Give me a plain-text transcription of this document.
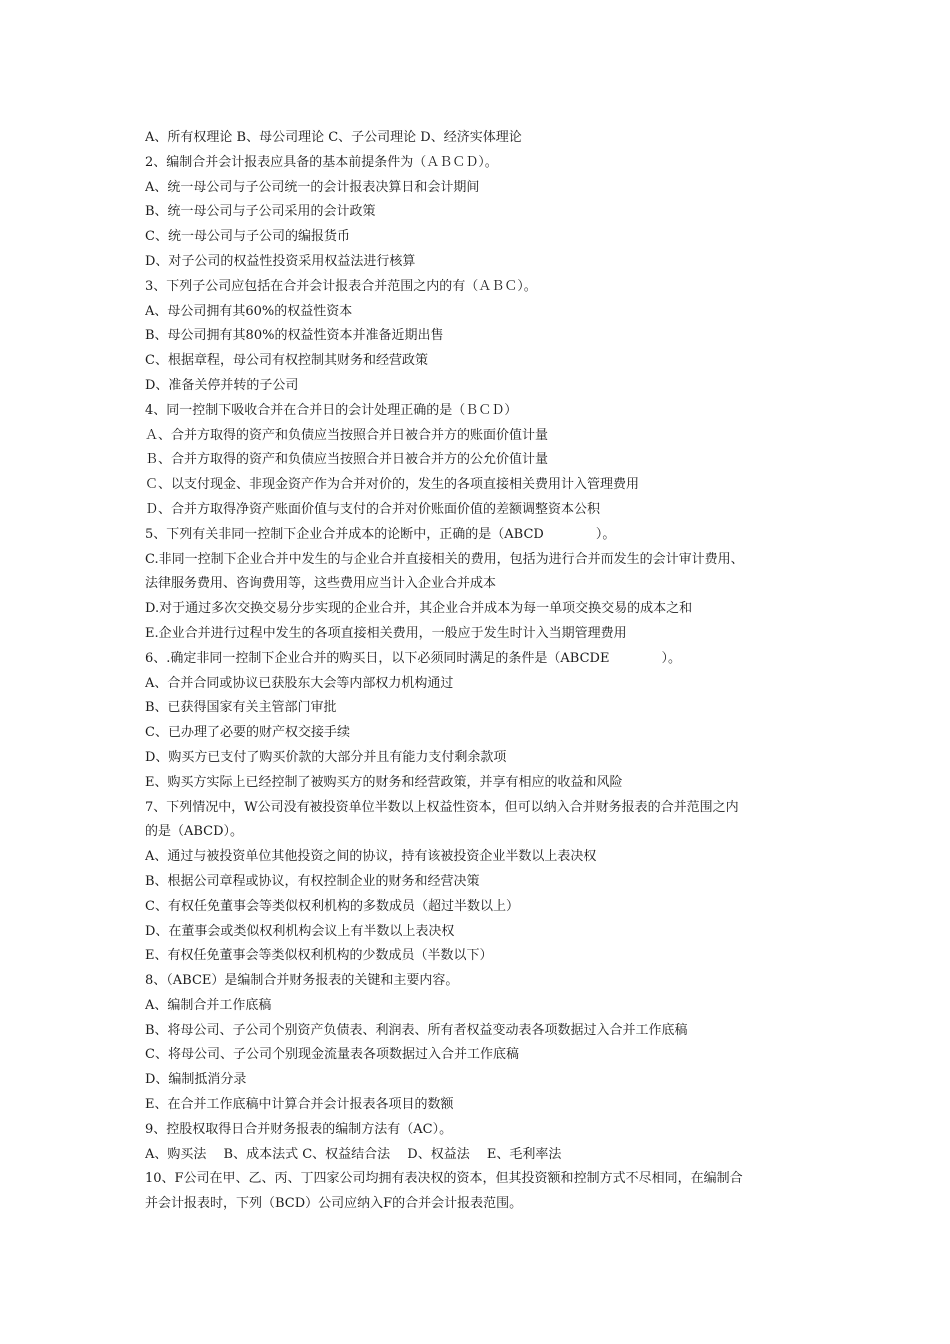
A、所有权理论 B、母公司理论 C、子公司理论 D、经济实体理论
2、编制合并会计报表应具备的基本前提条件为（ＡＢＣＤ）。
A、统一母公司与子公司统一的会计报表决算日和会计期间
B、统一母公司与子公司采用的会计政策
C、统一母公司与子公司的编报货币
D、对子公司的权益性投资采用权益法进行核算
3、下列子公司应包括在合并会计报表合并范围之内的有（ＡＢＣ）。
A、母公司拥有其60%的权益性资本
B、母公司拥有其80%的权益性资本并准备近期出售
C、根据章程，母公司有权控制其财务和经营政策
D、准备关停并转的子公司
4、同一控制下吸收合并在合并日的会计处理正确的是（ＢＣＤ）
Ａ、合并方取得的资产和负债应当按照合并日被合并方的账面价值计量
Ｂ、合并方取得的资产和负债应当按照合并日被合并方的公允价值计量
Ｃ、以支付现金、非现金资产作为合并对价的，发生的各项直接相关费用计入管理费用
Ｄ、合并方取得净资产账面价值与支付的合并对价账面价值的差额调整资本公积
5、下列有关非同一控制下企业合并成本的论断中，正确的是（ABCD　　　　）。
C.非同一控制下企业合并中发生的与企业合并直接相关的费用，包括为进行合并而发生的会计审计费用、
法律服务费用、咨询费用等，这些费用应当计入企业合并成本
D.对于通过多次交换交易分步实现的企业合并，其企业合并成本为每一单项交换交易的成本之和
E.企业合并进行过程中发生的各项直接相关费用，一般应于发生时计入当期管理费用
6、.确定非同一控制下企业合并的购买日，以下必须同时满足的条件是（ABCDE　　　　）。
A、合并合同或协议已获股东大会等内部权力机构通过
B、已获得国家有关主管部门审批
C、已办理了必要的财产权交接手续
D、购买方已支付了购买价款的大部分并且有能力支付剩余款项
E、购买方实际上已经控制了被购买方的财务和经营政策，并享有相应的收益和风险
7、下列情况中，W公司没有被投资单位半数以上权益性资本，但可以纳入合并财务报表的合并范围之内
的是（ABCD）。
A、通过与被投资单位其他投资之间的协议，持有该被投资企业半数以上表决权
B、根据公司章程或协议，有权控制企业的财务和经营决策
C、有权任免董事会等类似权利机构的多数成员（超过半数以上）
D、在董事会或类似权利机构会议上有半数以上表决权
E、有权任免董事会等类似权利机构的少数成员（半数以下）
8、（ABCE）是编制合并财务报表的关键和主要内容。
A、编制合并工作底稿
B、将母公司、子公司个别资产负债表、利润表、所有者权益变动表各项数据过入合并工作底稿
C、将母公司、子公司个别现金流量表各项数据过入合并工作底稿
D、编制抵消分录
E、在合并工作底稿中计算合并会计报表各项目的数额
9、控股权取得日合并财务报表的编制方法有（AC）。
A、购买法　 B、成本法式 C、权益结合法　 D、权益法　 E、毛利率法
10、F公司在甲、乙、丙、丁四家公司均拥有表决权的资本，但其投资额和控制方式不尽相同，在编制合
并会计报表时，下列（BCD）公司应纳入F的合并会计报表范围。
